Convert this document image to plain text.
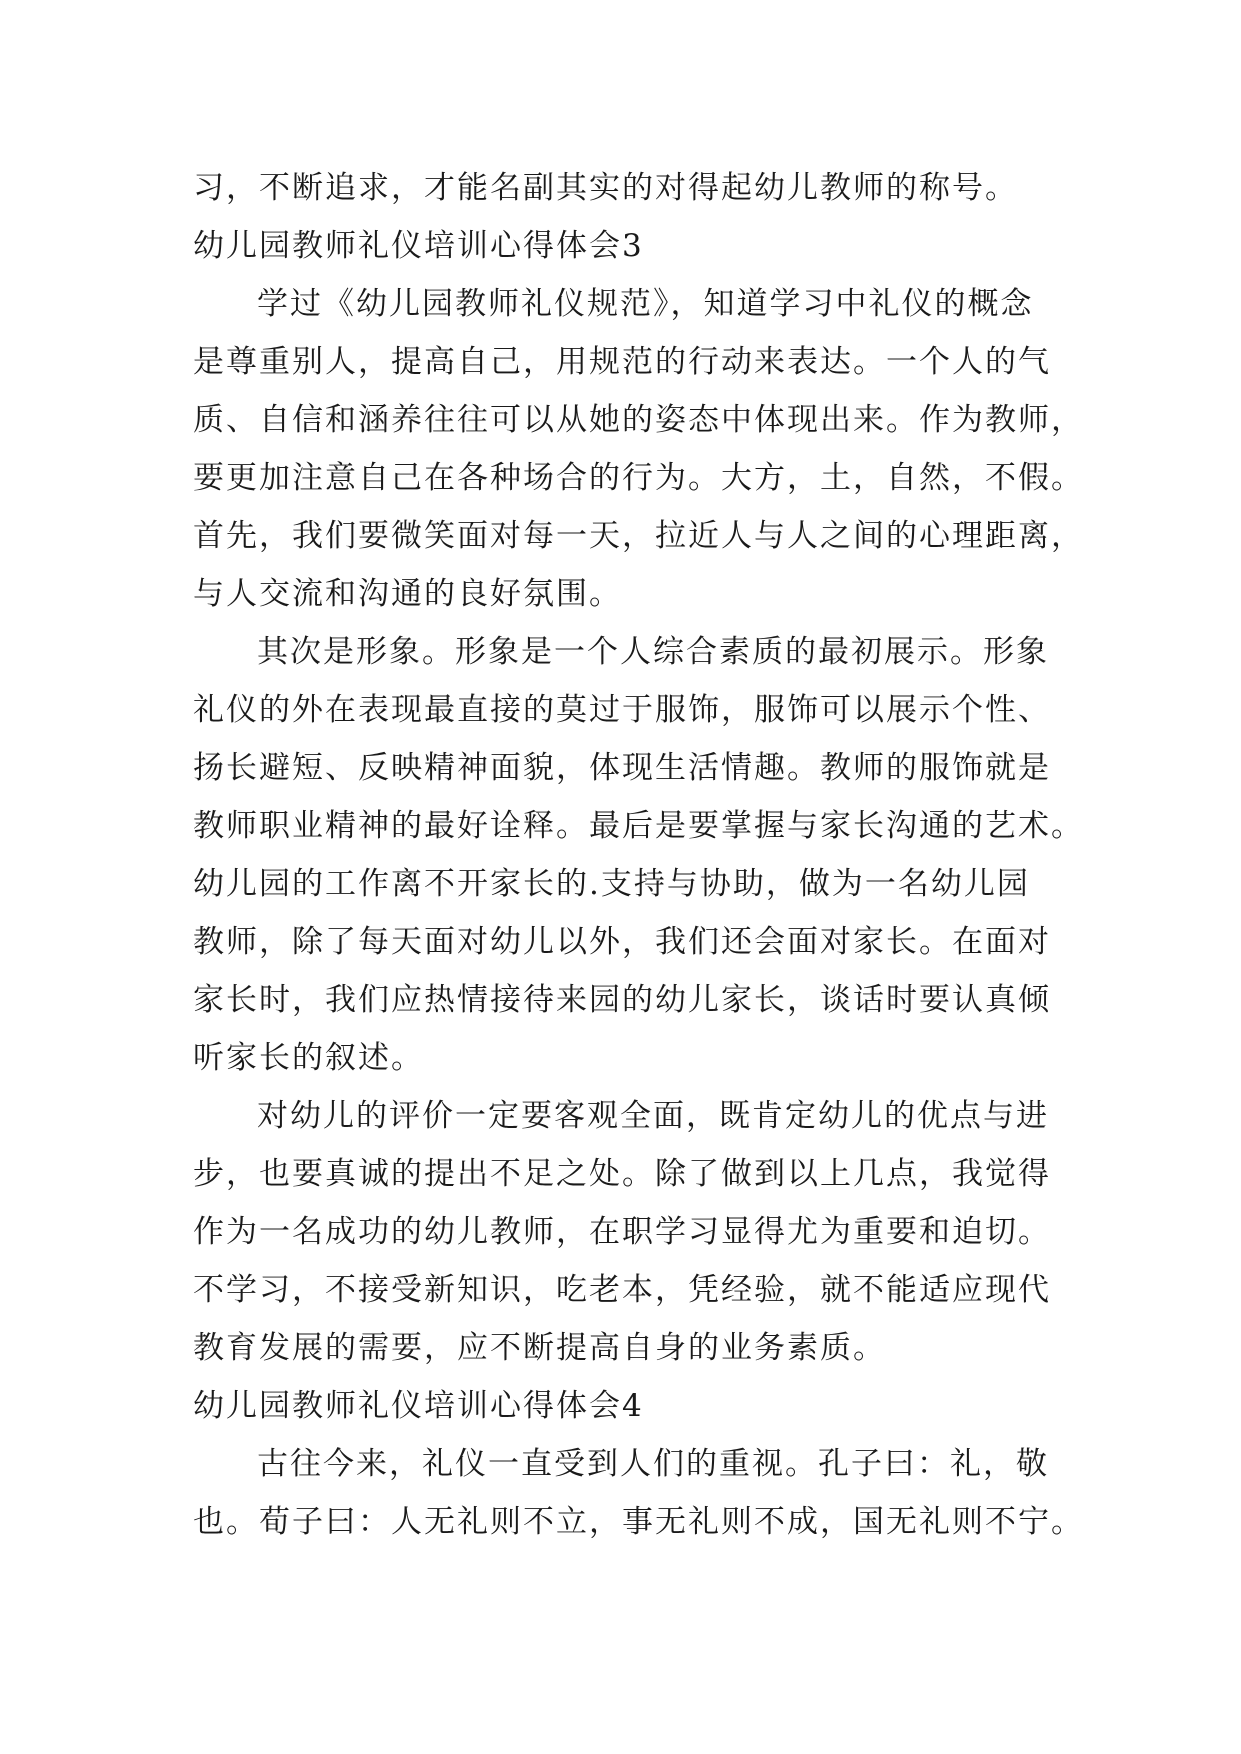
习，不断追求，才能名副其实的对得起幼儿教师的称号。
幼儿园教师礼仪培训心得体会3
学过《幼儿园教师礼仪规范》，知道学习中礼仪的概念
是尊重别人，提高自己，用规范的行动来表达。一个人的气
质、自信和涵养往往可以从她的姿态中体现出来。作为教师，
要更加注意自己在各种场合的行为。大方，土，自然，不假。
首先，我们要微笑面对每一天，拉近人与人之间的心理距离，
与人交流和沟通的良好氛围。
其次是形象。形象是一个人综合素质的最初展示。形象
礼仪的外在表现最直接的莫过于服饰，服饰可以展示个性、
扬长避短、反映精神面貌，体现生活情趣。教师的服饰就是
教师职业精神的最好诠释。最后是要掌握与家长沟通的艺术。
幼儿园的工作离不开家长的.支持与协助，做为一名幼儿园
教师，除了每天面对幼儿以外，我们还会面对家长。在面对
家长时，我们应热情接待来园的幼儿家长，谈话时要认真倾
听家长的叙述。
对幼儿的评价一定要客观全面，既肯定幼儿的优点与进
步，也要真诚的提出不足之处。除了做到以上几点，我觉得
作为一名成功的幼儿教师，在职学习显得尤为重要和迫切。
不学习，不接受新知识，吃老本，凭经验，就不能适应现代
教育发展的需要，应不断提高自身的业务素质。
幼儿园教师礼仪培训心得体会4
古往今来，礼仪一直受到人们的重视。孔子曰：礼，敬
也。荀子曰：人无礼则不立，事无礼则不成，国无礼则不宁。
